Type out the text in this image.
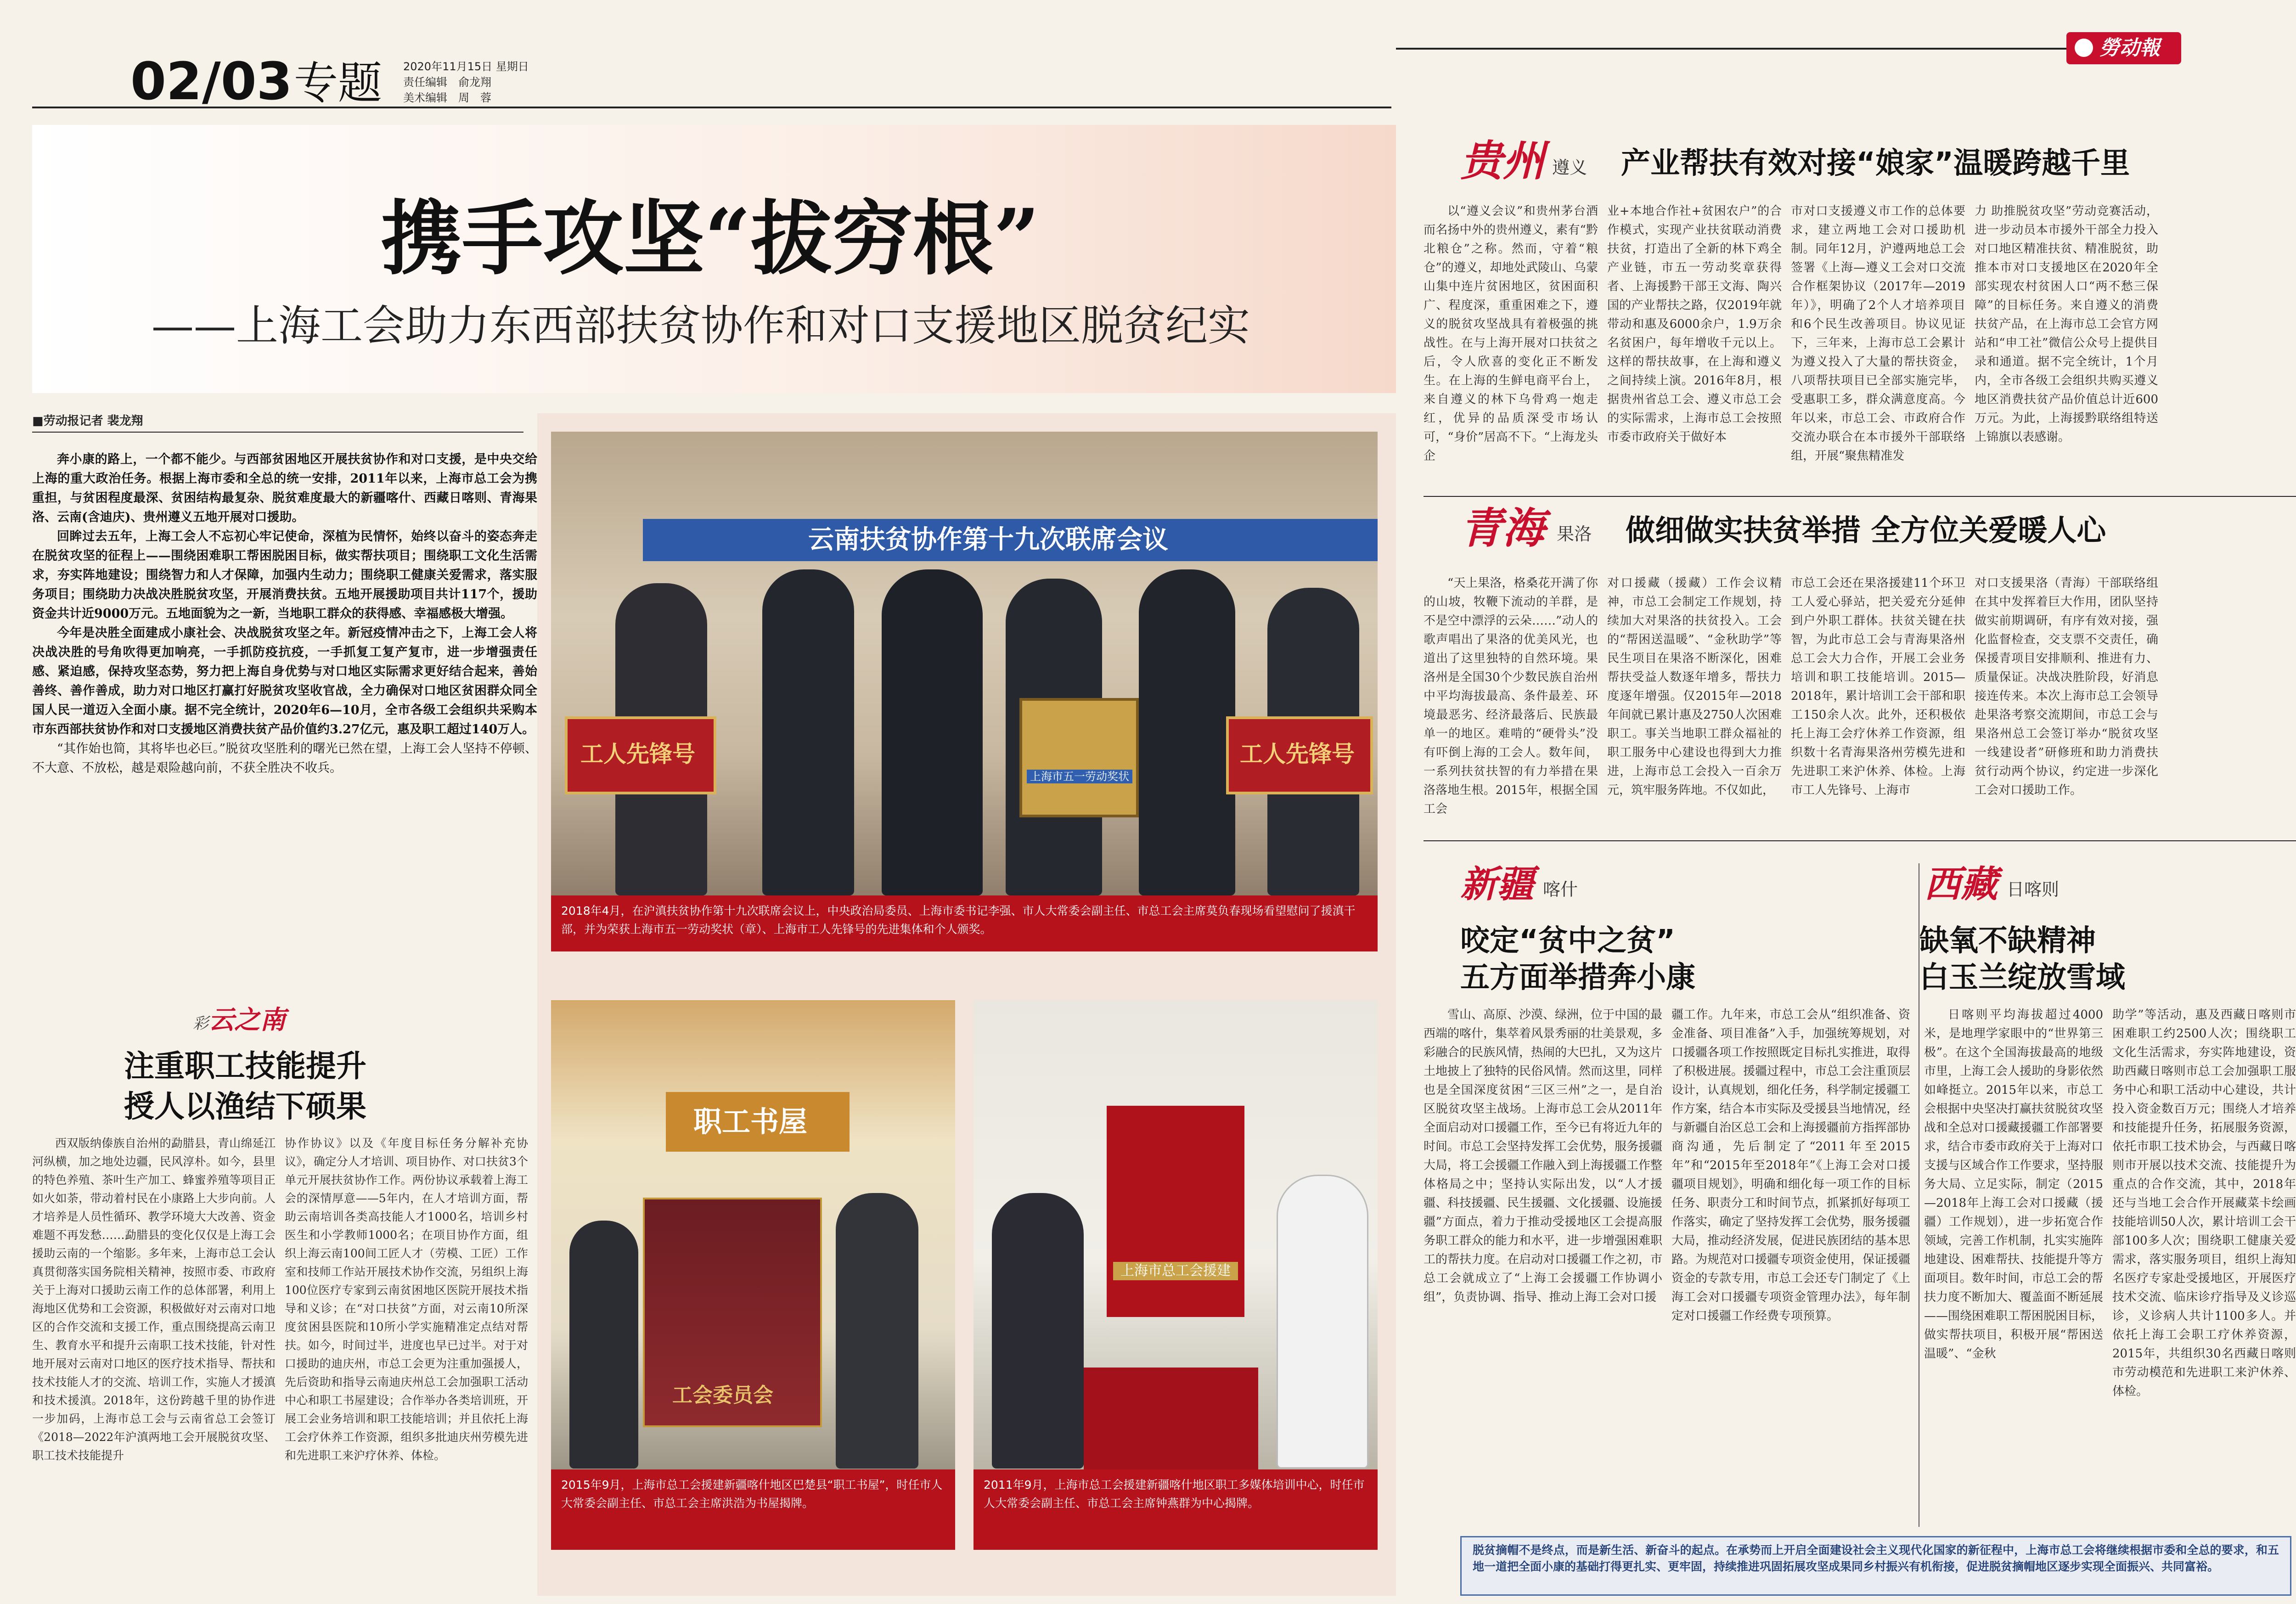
02/03 专题 2020年11月15日 星期日
责任编辑　俞龙翔
美术编辑　周　蓉
勞动報
携手攻坚“拔穷根”
——上海工会助力东西部扶贫协作和对口支援地区脱贫纪实
■劳动报记者 裴龙翔

奔小康的路上，一个都不能少。与西部贫困地区开展扶贫协作和对口支援，是中央交给上海的重大政治任务。根据上海市委和全总的统一安排，2011年以来，上海市总工会为携重担，与贫困程度最深、贫困结构最复杂、脱贫难度最大的新疆喀什、西藏日喀则、青海果洛、云南(含迪庆)、贵州遵义五地开展对口援助。

回眸过去五年，上海工会人不忘初心牢记使命，深植为民情怀，始终以奋斗的姿态奔走在脱贫攻坚的征程上——围绕困难职工帮困脱困目标，做实帮扶项目；围绕职工文化生活需求，夯实阵地建设；围绕智力和人才保障，加强内生动力；围绕职工健康关爱需求，落实服务项目；围绕助力决战决胜脱贫攻坚，开展消费扶贫。五地开展援助项目共计117个，援助资金共计近9000万元。五地面貌为之一新，当地职工群众的获得感、幸福感极大增强。

今年是决胜全面建成小康社会、决战脱贫攻坚之年。新冠疫情冲击之下，上海工会人将决战决胜的号角吹得更加响亮，一手抓防疫抗疫，一手抓复工复产复市，进一步增强责任感、紧迫感，保持攻坚态势，努力把上海自身优势与对口地区实际需求更好结合起来，善始善终、善作善成，助力对口地区打赢打好脱贫攻坚收官战，全力确保对口地区贫困群众同全国人民一道迈入全面小康。据不完全统计，2020年6—10月，全市各级工会组织共采购本市东西部扶贫协作和对口支援地区消费扶贫产品价值约3.27亿元，惠及职工超过140万人。

“其作始也简，其将毕也必巨。”脱贫攻坚胜利的曙光已然在望，上海工会人坚持不停顿、不大意、不放松，越是艰险越向前，不获全胜决不收兵。

彩云之南
注重职工技能提升
授人以渔结下硕果

西双版纳傣族自治州的勐腊县，青山绵延江河纵横，加之地处边疆，民风淳朴。如今，县里的特色养殖、茶叶生产加工、蜂蜜养殖等项目正如火如荼，带动着村民在小康路上大步向前。人才培养是人员性循环、教学环境大大改善、资金难题不再发愁……勐腊县的变化仅仅是上海工会援助云南的一个缩影。多年来，上海市总工会认真贯彻落实国务院相关精神，按照市委、市政府关于上海对口援助云南工作的总体部署，利用上海地区优势和工会资源，积极做好对云南对口地区的合作交流和支援工作，重点围绕提高云南卫生、教育水平和提升云南职工技术技能，针对性地开展对云南对口地区的医疗技术指导、帮扶和技术技能人才的交流、培训工作，实施人才援滇和技术援滇。2018年，这份跨越千里的协作进一步加码，上海市总工会与云南省总工会签订《2018—2022年沪滇两地工会开展脱贫攻坚、职工技术技能提升

协作协议》以及《年度目标任务分解补充协议》，确定分人才培训、项目协作、对口扶贫3个单元开展扶贫协作工作。两份协议承载着上海工会的深情厚意——5年内，在人才培训方面，帮助云南培训各类高技能人才1000名，培训乡村医生和小学教师1000名；在项目协作方面，组织上海云南100间工匠人才（劳模、工匠）工作室和技师工作站开展技术协作交流，另组织上海100位医疗专家到云南贫困地区医院开展技术指导和义诊；在“对口扶贫”方面，对云南10所深度贫困县医院和10所小学实施精准定点结对帮扶。如今，时间过半，进度也早已过半。对于对口援助的迪庆州，市总工会更为注重加强援人，先后资助和指导云南迪庆州总工会加强职工活动中心和职工书屋建设；合作举办各类培训班，开展工会业务培训和职工技能培训；并且依托上海工会疗休养工作资源，组织多批迪庆州劳模先进和先进职工来沪疗休养、体检。

云南扶贫协作第十九次联席会议
工人先锋号
上海市五一劳动奖状
工人先锋号
2018年4月，在沪滇扶贫协作第十九次联席会议上，中央政治局委员、上海市委书记李强、市人大常委会副主任、市总工会主席莫负春现场看望慰问了援滇干部，并为荣获上海市五一劳动奖状（章）、上海市工人先锋号的先进集体和个人颁奖。
职工书屋
工会委员会
2015年9月，上海市总工会援建新疆喀什地区巴楚县“职工书屋”，时任市人大常委会副主任、市总工会主席洪浩为书屋揭牌。
上海市总工会援建
2011年9月，上海市总工会援建新疆喀什地区职工多媒体培训中心，时任市人大常委会副主任、市总工会主席钟燕群为中心揭牌。
贵州 遵义 产业帮扶有效对接“娘家”温暖跨越千里

以“遵义会议”和贵州茅台酒而名扬中外的贵州遵义，素有“黔北粮仓”之称。然而，守着“粮仓”的遵义，却地处武陵山、乌蒙山集中连片贫困地区，贫困面积广、程度深，重重困难之下，遵义的脱贫攻坚战具有着极强的挑战性。在与上海开展对口扶贫之后，令人欣喜的变化正不断发生。在上海的生鲜电商平台上，来自遵义的林下乌骨鸡一炮走红，优异的品质深受市场认可，“身价”居高不下。“上海龙头企

业+本地合作社+贫困农户”的合作模式，实现产业扶贫联动消费扶贫，打造出了全新的林下鸡全产业链，市五一劳动奖章获得者、上海援黔干部王文海、陶兴国的产业帮扶之路，仅2019年就带动和惠及6000余户，1.9万余名贫困户，每年增收千元以上。这样的帮扶故事，在上海和遵义之间持续上演。2016年8月，根据贵州省总工会、遵义市总工会的实际需求，上海市总工会按照市委市政府关于做好本

市对口支援遵义市工作的总体要求，建立两地工会对口援助机制。同年12月，沪遵两地总工会签署《上海—遵义工会对口交流合作框架协议（2017年—2019年）》，明确了2个人才培养项目和6个民生改善项目。协议见证下，三年来，上海市总工会累计为遵义投入了大量的帮扶资金，八项帮扶项目已全部实施完毕，受惠职工多，群众满意度高。今年以来，市总工会、市政府合作交流办联合在本市援外干部联络组，开展“聚焦精准发

力 助推脱贫攻坚”劳动竞赛活动，进一步动员本市援外干部全力投入对口地区精准扶贫、精准脱贫，助推本市对口支援地区在2020年全部实现农村贫困人口“两不愁三保障”的目标任务。来自遵义的消费扶贫产品，在上海市总工会官方网站和“申工社”微信公众号上提供目录和通道。据不完全统计，1个月内，全市各级工会组织共购买遵义地区消费扶贫产品价值总计近600万元。为此，上海援黔联络组特送上锦旗以表感谢。

青海 果洛 做细做实扶贫举措 全方位关爱暖人心

“天上果洛，格桑花开满了你的山坡，牧鞭下流动的羊群，是不是空中漂浮的云朵……”动人的歌声唱出了果洛的优美风光，也道出了这里独特的自然环境。果洛州是全国30个少数民族自治州中平均海拔最高、条件最差、环境最恶劣、经济最落后、民族最单一的地区。难啃的“硬骨头”没有吓倒上海的工会人。数年间，一系列扶贫扶智的有力举措在果洛落地生根。2015年，根据全国工会

对口援藏（援藏）工作会议精神，市总工会制定工作规划，持续加大对果洛的扶贫投入。工会的“帮困送温暖”、“金秋助学”等民生项目在果洛不断深化，困难帮扶受益人数逐年增多，帮扶力度逐年增强。仅2015年—2018年间就已累计惠及2750人次困难职工。事关当地职工群众福祉的职工服务中心建设也得到大力推进，上海市总工会投入一百余万元，筑牢服务阵地。不仅如此，

市总工会还在果洛援建11个环卫工人爱心驿站，把关爱充分延伸到户外职工群体。扶贫关键在扶智，为此市总工会与青海果洛州总工会大力合作，开展工会业务培训和职工技能培训。2015—2018年，累计培训工会干部和职工150余人次。此外，还积极依托上海工会疗休养工作资源，组织数十名青海果洛州劳模先进和先进职工来沪休养、体检。上海市工人先锋号、上海市

对口支援果洛（青海）干部联络组在其中发挥着巨大作用，团队坚持做实前期调研，有序有效对接，强化监督检查，交支票不交责任，确保援青项目安排顺利、推进有力、质量保证。决战决胜阶段，好消息接连传来。本次上海市总工会领导赴果洛考察交流期间，市总工会与果洛州总工会签订举办“脱贫攻坚一线建设者”研修班和助力消费扶贫行动两个协议，约定进一步深化工会对口援助工作。

新疆 喀什
咬定“贫中之贫”
五方面举措奔小康

雪山、高原、沙漠、绿洲，位于中国的最西端的喀什，集萃着风景秀丽的壮美景观，多彩融合的民族风情，热闹的大巴扎，又为这片土地披上了独特的民俗风情。然而这里，同样也是全国深度贫困“三区三州”之一，是自治区脱贫攻坚主战场。上海市总工会从2011年全面启动对口援疆工作，至今已有将近九年的时间。市总工会坚持发挥工会优势，服务援疆大局，将工会援疆工作融入到上海援疆工作整体格局之中；坚持认实际出发，以“人才援疆、科技援疆、民生援疆、文化援疆、设施援疆”方面点，着力于推动受援地区工会提高服务职工群众的能力和水平，进一步增强困难职工的帮扶力度。在启动对口援疆工作之初，市总工会就成立了“上海工会援疆工作协调小组”，负责协调、指导、推动上海工会对口援

疆工作。九年来，市总工会从“组织准备、资金准备、项目准备”入手，加强统筹规划，对口援疆各项工作按照既定目标扎实推进，取得了积极进展。援疆过程中，市总工会注重顶层设计，认真规划，细化任务，科学制定援疆工作方案，结合本市实际及受援县当地情况，经与新疆自治区总工会和上海援疆前方指挥部协商沟通，先后制定了“2011年至2015年”和“2015年至2018年”《上海工会对口援疆项目规划》，明确和细化每一项工作的目标任务、职责分工和时间节点，抓紧抓好每项工作落实，确定了坚持发挥工会优势，服务援疆大局，推动经济发展，促进民族团结的基本思路。为规范对口援疆专项资金使用，保证援疆资金的专款专用，市总工会还专门制定了《上海工会对口援疆专项资金管理办法》，每年制定对口援疆工作经费专项预算。

西藏 日喀则
缺氧不缺精神
白玉兰绽放雪域

日喀则平均海拔超过4000米，是地理学家眼中的“世界第三极”。在这个全国海拔最高的地级市里，上海工会人援助的身影依然如峰挺立。2015年以来，市总工会根据中央坚决打赢扶贫脱贫攻坚战和全总对口援藏援疆工作部署要求，结合市委市政府关于上海对口支援与区域合作工作要求，坚持服务大局、立足实际，制定（2015—2018年上海工会对口援藏（援疆）工作规划），进一步拓宽合作领域，完善工作机制，扎实实施阵地建设、困难帮扶、技能提升等方面项目。数年时间，市总工会的帮扶力度不断加大、覆盖面不断延展——围绕困难职工帮困脱困目标，做实帮扶项目，积极开展“帮困送温暖”、“金秋

助学”等活动，惠及西藏日喀则市困难职工约2500人次；围绕职工文化生活需求，夯实阵地建设，资助西藏日喀则市总工会加强职工服务中心和职工活动中心建设，共计投入资金数百万元；围绕人才培养和技能提升任务，拓展服务资源，依托市职工技术协会，与西藏日喀则市开展以技术交流、技能提升为重点的合作交流，其中，2018年还与当地工会合作开展藏菜卡绘画技能培训50人次，累计培训工会干部100多人次；围绕职工健康关爱需求，落实服务项目，组织上海知名医疗专家赴受援地区，开展医疗技术交流、临床诊疗指导及义诊巡诊，义诊病人共计1100多人。并依托上海工会职工疗休养资源，2015年，共组织30名西藏日喀则市劳动模范和先进职工来沪休养、体检。

脱贫摘帽不是终点，而是新生活、新奋斗的起点。在承势而上开启全面建设社会主义现代化国家的新征程中，上海市总工会将继续根据市委和全总的要求，和五地一道把全面小康的基础打得更扎实、更牢固，持续推进巩固拓展攻坚成果同乡村振兴有机衔接，促进脱贫摘帽地区逐步实现全面振兴、共同富裕。
